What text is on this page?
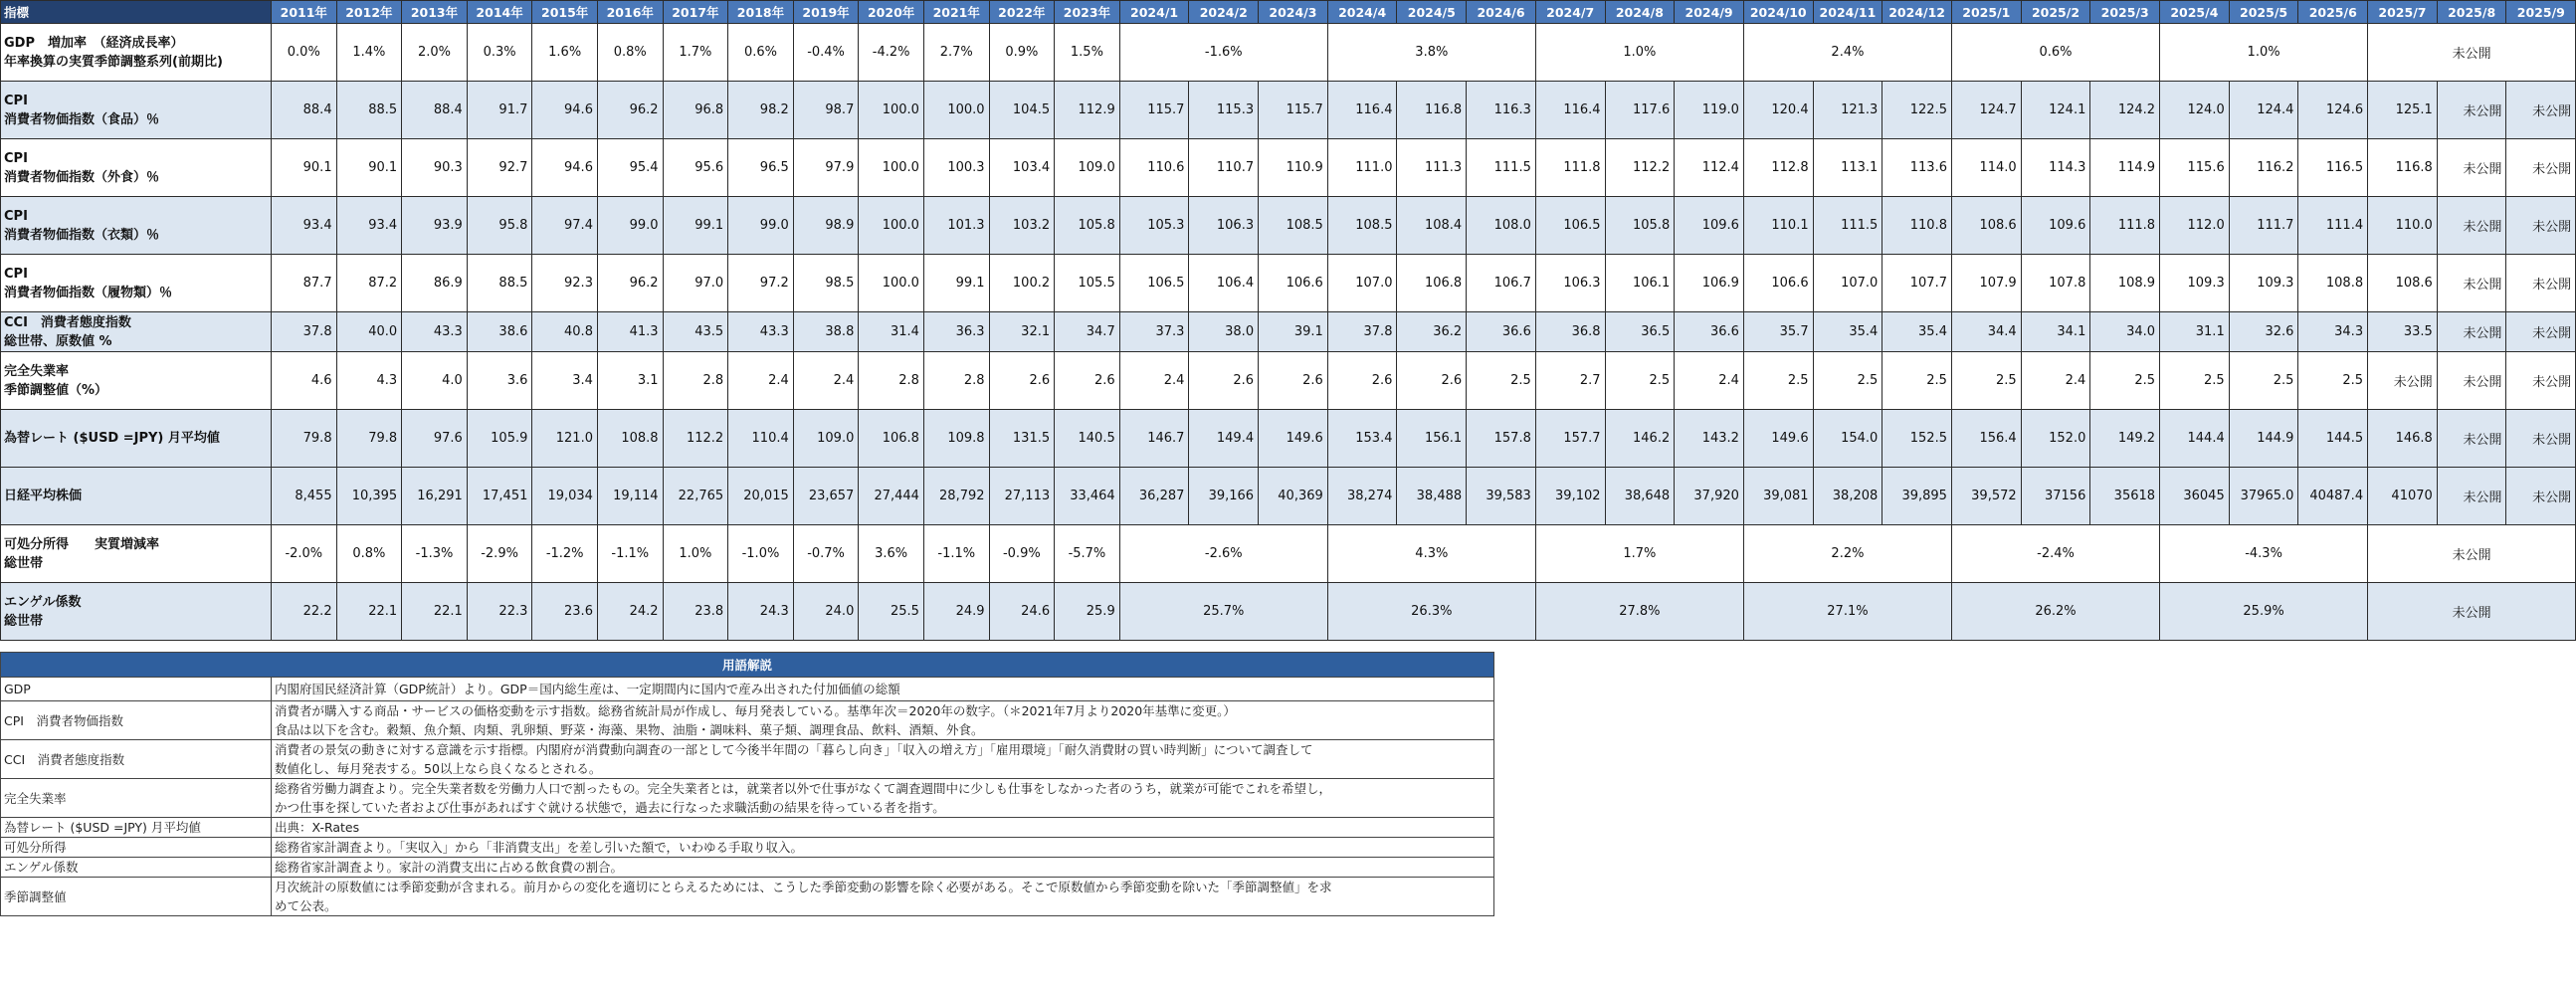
指標	2011年	2012年	2013年	2014年	2015年	2016年	2017年	2018年	2019年	2020年	2021年	2022年	2023年	2024/1	2024/2	2024/3	2024/4	2024/5	2024/6	2024/7	2024/8	2024/9	2024/10	2024/11	2024/12	2025/1	2025/2	2025/3	2025/4	2025/5	2025/6	2025/7	2025/8	2025/9

GDP　増加率　（経済成長率）
年率換算の実質季節調整系列(前期比)	0.0%	1.4%	2.0%	0.3%	1.6%	0.8%	1.7%	0.6%	-0.4%	-4.2%	2.7%	0.9%	1.5%	-1.6%			3.8%			1.0%			2.4%			0.6%			1.0%			未公開		

CPI
消費者物価指数（食品）％	88.4	88.5	88.4	91.7	94.6	96.2	96.8	98.2	98.7	100.0	100.0	104.5	112.9	115.7	115.3	115.7	116.4	116.8	116.3	116.4	117.6	119.0	120.4	121.3	122.5	124.7	124.1	124.2	124.0	124.4	124.6	125.1	未公開	未公開

CPI
消費者物価指数（外食）％	90.1	90.1	90.3	92.7	94.6	95.4	95.6	96.5	97.9	100.0	100.3	103.4	109.0	110.6	110.7	110.9	111.0	111.3	111.5	111.8	112.2	112.4	112.8	113.1	113.6	114.0	114.3	114.9	115.6	116.2	116.5	116.8	未公開	未公開

CPI
消費者物価指数（衣類）％	93.4	93.4	93.9	95.8	97.4	99.0	99.1	99.0	98.9	100.0	101.3	103.2	105.8	105.3	106.3	108.5	108.5	108.4	108.0	106.5	105.8	109.6	110.1	111.5	110.8	108.6	109.6	111.8	112.0	111.7	111.4	110.0	未公開	未公開

CPI
消費者物価指数（履物類）％	87.7	87.2	86.9	88.5	92.3	96.2	97.0	97.2	98.5	100.0	99.1	100.2	105.5	106.5	106.4	106.6	107.0	106.8	106.7	106.3	106.1	106.9	106.6	107.0	107.7	107.9	107.8	108.9	109.3	109.3	108.8	108.6	未公開	未公開

CCI　消費者態度指数
総世帯、原数値 %	37.8	40.0	43.3	38.6	40.8	41.3	43.5	43.3	38.8	31.4	36.3	32.1	34.7	37.3	38.0	39.1	37.8	36.2	36.6	36.8	36.5	36.6	35.7	35.4	35.4	34.4	34.1	34.0	31.1	32.6	34.3	33.5	未公開	未公開

完全失業率
季節調整値（%）	4.6	4.3	4.0	3.6	3.4	3.1	2.8	2.4	2.4	2.8	2.8	2.6	2.6	2.4	2.6	2.6	2.6	2.6	2.5	2.7	2.5	2.4	2.5	2.5	2.5	2.5	2.4	2.5	2.5	2.5	2.5	未公開	未公開	未公開

為替レート ($USD =JPY) 月平均値	79.8	79.8	97.6	105.9	121.0	108.8	112.2	110.4	109.0	106.8	109.8	131.5	140.5	146.7	149.4	149.6	153.4	156.1	157.8	157.7	146.2	143.2	149.6	154.0	152.5	156.4	152.0	149.2	144.4	144.9	144.5	146.8	未公開	未公開

日経平均株価	8,455	10,395	16,291	17,451	19,034	19,114	22,765	20,015	23,657	27,444	28,792	27,113	33,464	36,287	39,166	40,369	38,274	38,488	39,583	39,102	38,648	37,920	39,081	38,208	39,895	39,572	37156	35618	36045	37965.0	40487.4	41070	未公開	未公開

可処分所得　　実質増減率
総世帯	-2.0%	0.8%	-1.3%	-2.9%	-1.2%	-1.1%	1.0%	-1.0%	-0.7%	3.6%	-1.1%	-0.9%	-5.7%	-2.6%			4.3%			1.7%			2.2%			-2.4%			-4.3%			未公開		

エンゲル係数
総世帯	22.2	22.1	22.1	22.3	23.6	24.2	23.8	24.3	24.0	25.5	24.9	24.6	25.9	25.7%			26.3%			27.8%			27.1%			26.2%			25.9%			未公開		
用語解説	
GDP	内閣府国民経済計算（GDP統計）より。GDP＝国内総生産は、一定期間内に国内で産み出された付加価値の総額

CPI　消費者物価指数	消費者が購入する商品・サービスの価格変動を示す指数。総務省統計局が作成し、毎月発表している。基準年次＝2020年の数字。（＊2021年7月より2020年基準に変更。）
食品は以下を含む。穀類、魚介類、肉類、乳卵類、野菜・海藻、果物、油脂・調味料、菓子類、調理食品、飲料、酒類、外食。

CCI　消費者態度指数	消費者の景気の動きに対する意識を示す指標。内閣府が消費動向調査の一部として今後半年間の「暮らし向き」「収入の増え方」「雇用環境」「耐久消費財の買い時判断」について調査して
数値化し、毎月発表する。50以上なら良くなるとされる。

完全失業率	総務省労働力調査より。完全失業者数を労働力人口で割ったもの。完全失業者とは，就業者以外で仕事がなくて調査週間中に少しも仕事をしなかった者のうち，就業が可能でこれを希望し，
かつ仕事を探していた者および仕事があればすぐ就ける状態で，過去に行なった求職活動の結果を待っている者を指す。

為替レート ($USD =JPY) 月平均値	出典：X-Rates

可処分所得	総務省家計調査より。「実収入」から「非消費支出」を差し引いた額で，いわゆる手取り収入。

エンゲル係数	総務省家計調査より。家計の消費支出に占める飲食費の割合。

季節調整値	月次統計の原数値には季節変動が含まれる。前月からの変化を適切にとらえるためには、こうした季節変動の影響を除く必要がある。そこで原数値から季節変動を除いた「季節調整値」を求
めて公表。
